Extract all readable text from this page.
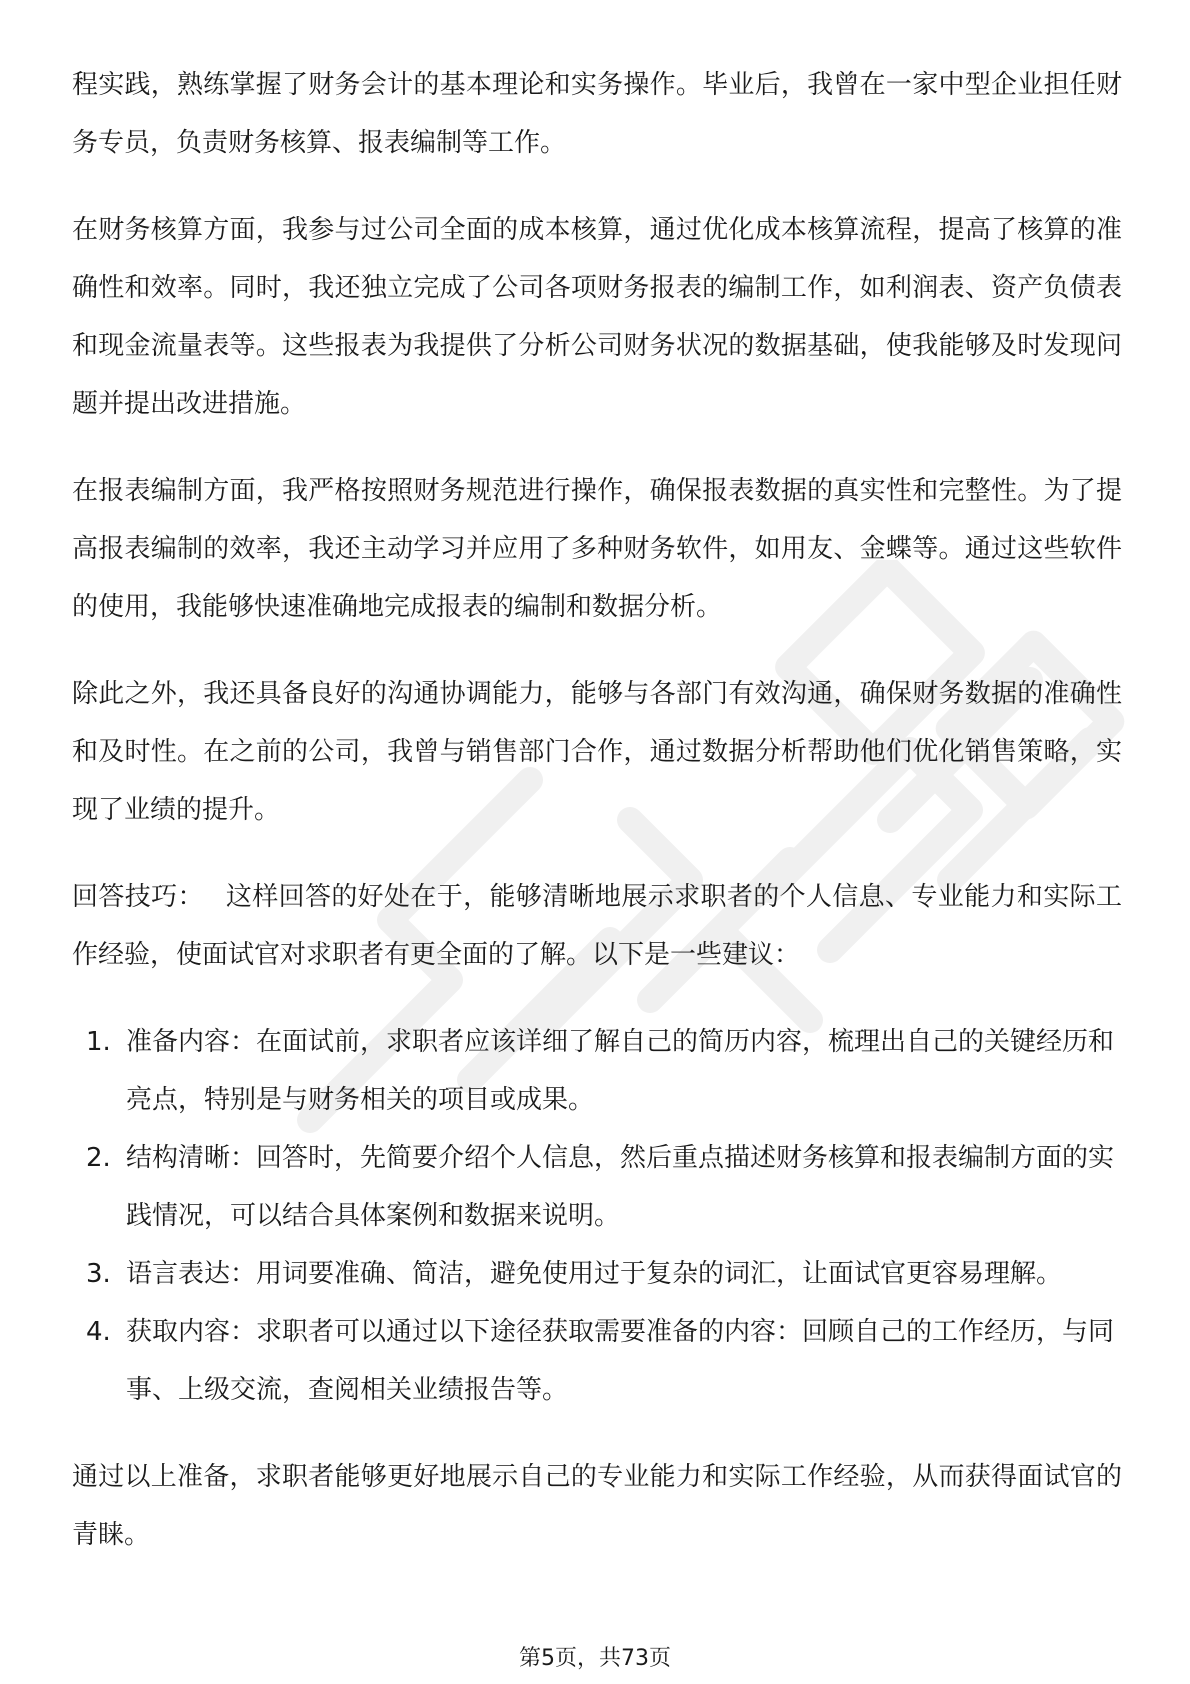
程实践，熟练掌握了财务会计的基本理论和实务操作。毕业后，我曾在一家中型企业担任财务专员，负责财务核算、报表编制等工作。

在财务核算方面，我参与过公司全面的成本核算，通过优化成本核算流程，提高了核算的准确性和效率。同时，我还独立完成了公司各项财务报表的编制工作，如利润表、资产负债表和现金流量表等。这些报表为我提供了分析公司财务状况的数据基础，使我能够及时发现问题并提出改进措施。

在报表编制方面，我严格按照财务规范进行操作，确保报表数据的真实性和完整性。为了提高报表编制的效率，我还主动学习并应用了多种财务软件，如用友、金蝶等。通过这些软件的使用，我能够快速准确地完成报表的编制和数据分析。

除此之外，我还具备良好的沟通协调能力，能够与各部门有效沟通，确保财务数据的准确性和及时性。在之前的公司，我曾与销售部门合作，通过数据分析帮助他们优化销售策略，实现了业绩的提升。

回答技巧： 这样回答的好处在于，能够清晰地展示求职者的个人信息、专业能力和实际工作经验，使面试官对求职者有更全面的了解。以下是一些建议：

1. 准备内容：在面试前，求职者应该详细了解自己的简历内容，梳理出自己的关键经历和亮点，特别是与财务相关的项目或成果。
2. 结构清晰：回答时，先简要介绍个人信息，然后重点描述财务核算和报表编制方面的实践情况，可以结合具体案例和数据来说明。
3. 语言表达：用词要准确、简洁，避免使用过于复杂的词汇，让面试官更容易理解。
4. 获取内容：求职者可以通过以下途径获取需要准备的内容：回顾自己的工作经历，与同事、上级交流，查阅相关业绩报告等。

通过以上准备，求职者能够更好地展示自己的专业能力和实际工作经验，从而获得面试官的青睐。

第5页，共73页
